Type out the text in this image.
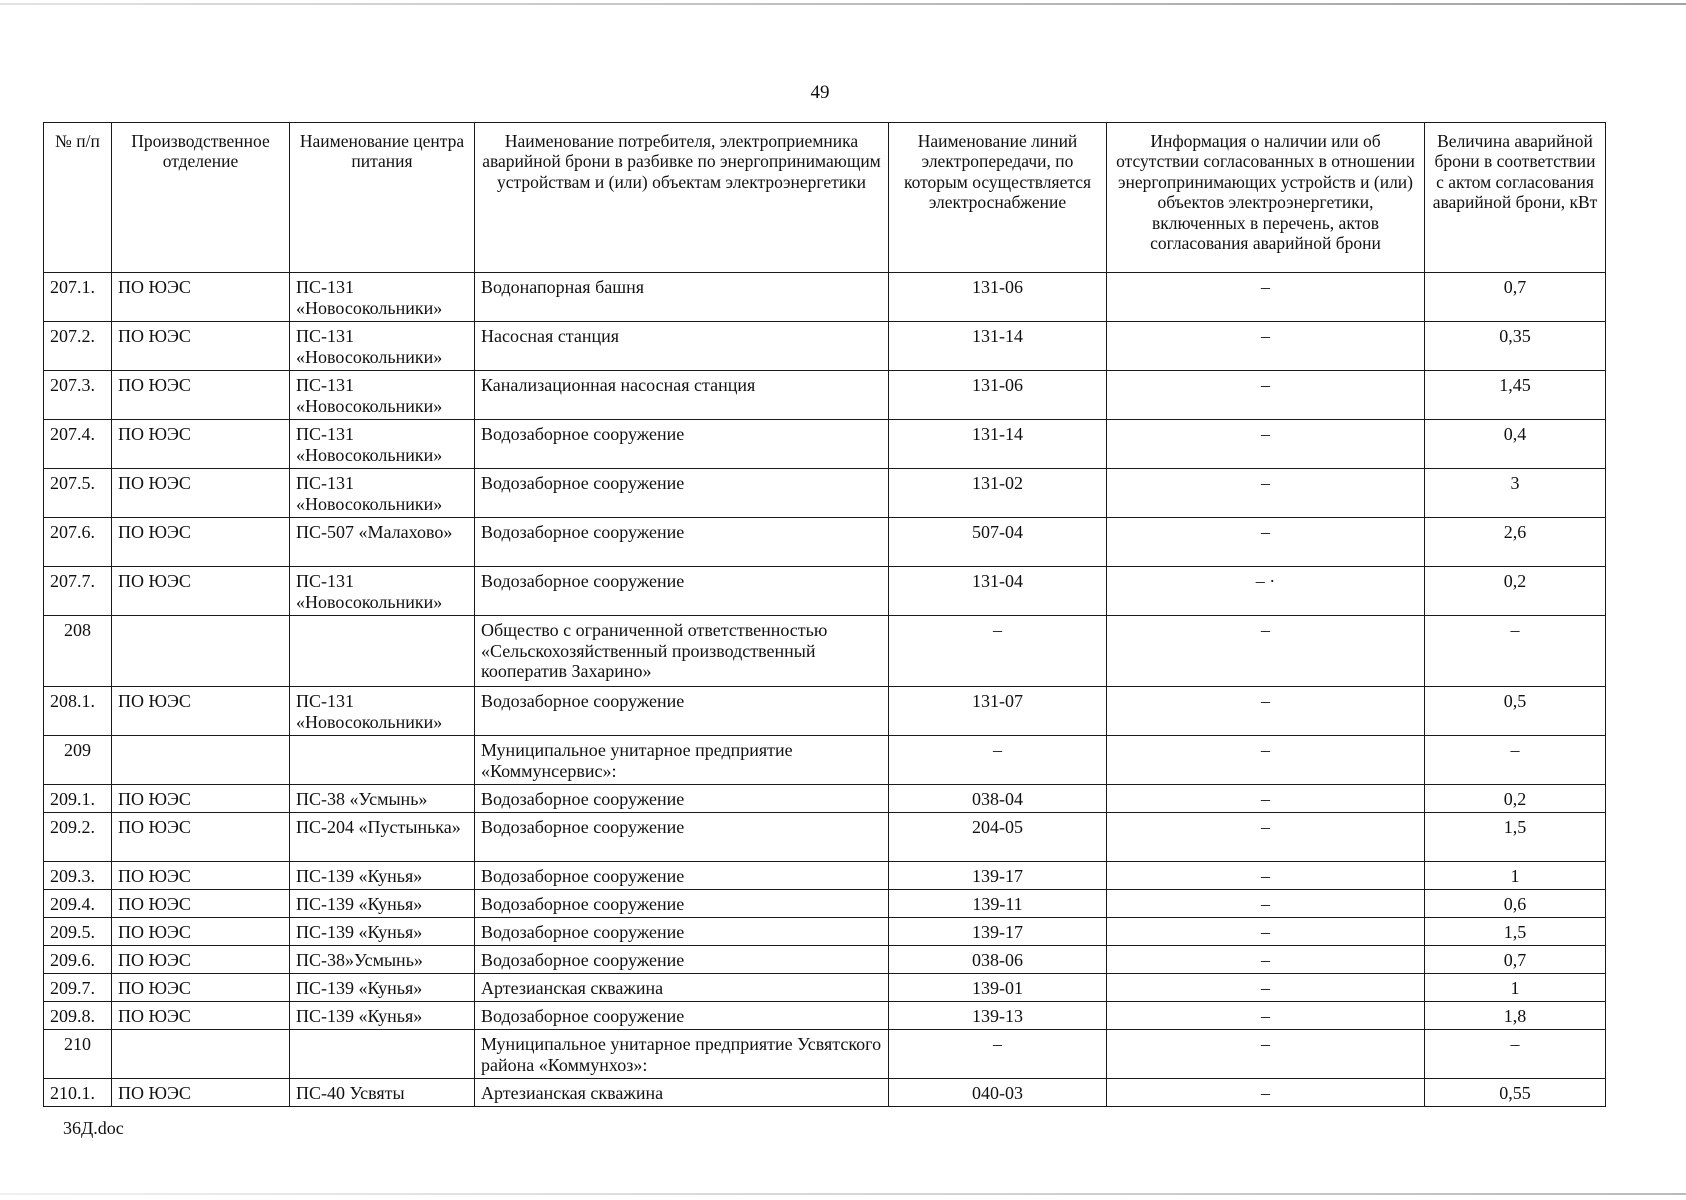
49
№ п/п	Производственное отделение	Наименование центра питания	Наименование потребителя, электроприемника аварийной брони в разбивке по энергопринимающим устройствам и (или) объектам электроэнергетики	Наименование линий электропередачи, по которым осуществляется электроснабжение	Информация о наличии или об отсутствии согласованных в отношении энергопринимающих устройств и (или) объектов электроэнергетики, включенных в перечень, актов согласования аварийной брони	Величина аварийной брони в соответствии с актом согласования аварийной брони, кВт
207.1.	ПО ЮЭС	ПС-131 «Новосокольники»	Водонапорная башня	131-06	–	0,7
207.2.	ПО ЮЭС	ПС-131 «Новосокольники»	Насосная станция	131-14	–	0,35
207.3.	ПО ЮЭС	ПС-131 «Новосокольники»	Канализационная насосная станция	131-06	–	1,45
207.4.	ПО ЮЭС	ПС-131 «Новосокольники»	Водозаборное сооружение	131-14	–	0,4
207.5.	ПО ЮЭС	ПС-131 «Новосокольники»	Водозаборное сооружение	131-02	–	3
207.6.	ПО ЮЭС	ПС-507 «Малахово»	Водозаборное сооружение	507-04	–	2,6
207.7.	ПО ЮЭС	ПС-131 «Новосокольники»	Водозаборное сооружение	131-04	– ·	0,2
208			Общество с ограниченной ответственностью «Сельскохозяйственный производственный кооператив Захарино»	–	–	–
208.1.	ПО ЮЭС	ПС-131 «Новосокольники»	Водозаборное сооружение	131-07	–	0,5
209			Муниципальное унитарное предприятие «Коммунсервис»:	–	–	–
209.1.	ПО ЮЭС	ПС-38 «Усмынь»	Водозаборное сооружение	038-04	–	0,2
209.2.	ПО ЮЭС	ПС-204 «Пустынька»	Водозаборное сооружение	204-05	–	1,5
209.3.	ПО ЮЭС	ПС-139 «Кунья»	Водозаборное сооружение	139-17	–	1
209.4.	ПО ЮЭС	ПС-139 «Кунья»	Водозаборное сооружение	139-11	–	0,6
209.5.	ПО ЮЭС	ПС-139 «Кунья»	Водозаборное сооружение	139-17	–	1,5
209.6.	ПО ЮЭС	ПС-38»Усмынь»	Водозаборное сооружение	038-06	–	0,7
209.7.	ПО ЮЭС	ПС-139 «Кунья»	Артезианская скважина	139-01	–	1
209.8.	ПО ЮЭС	ПС-139 «Кунья»	Водозаборное сооружение	139-13	–	1,8
210			Муниципальное унитарное предприятие Усвятского района «Коммунхоз»:	–	–	–
210.1.	ПО ЮЭС	ПС-40 Усвяты	Артезианская скважина	040-03	–	0,55
36Д.doc
